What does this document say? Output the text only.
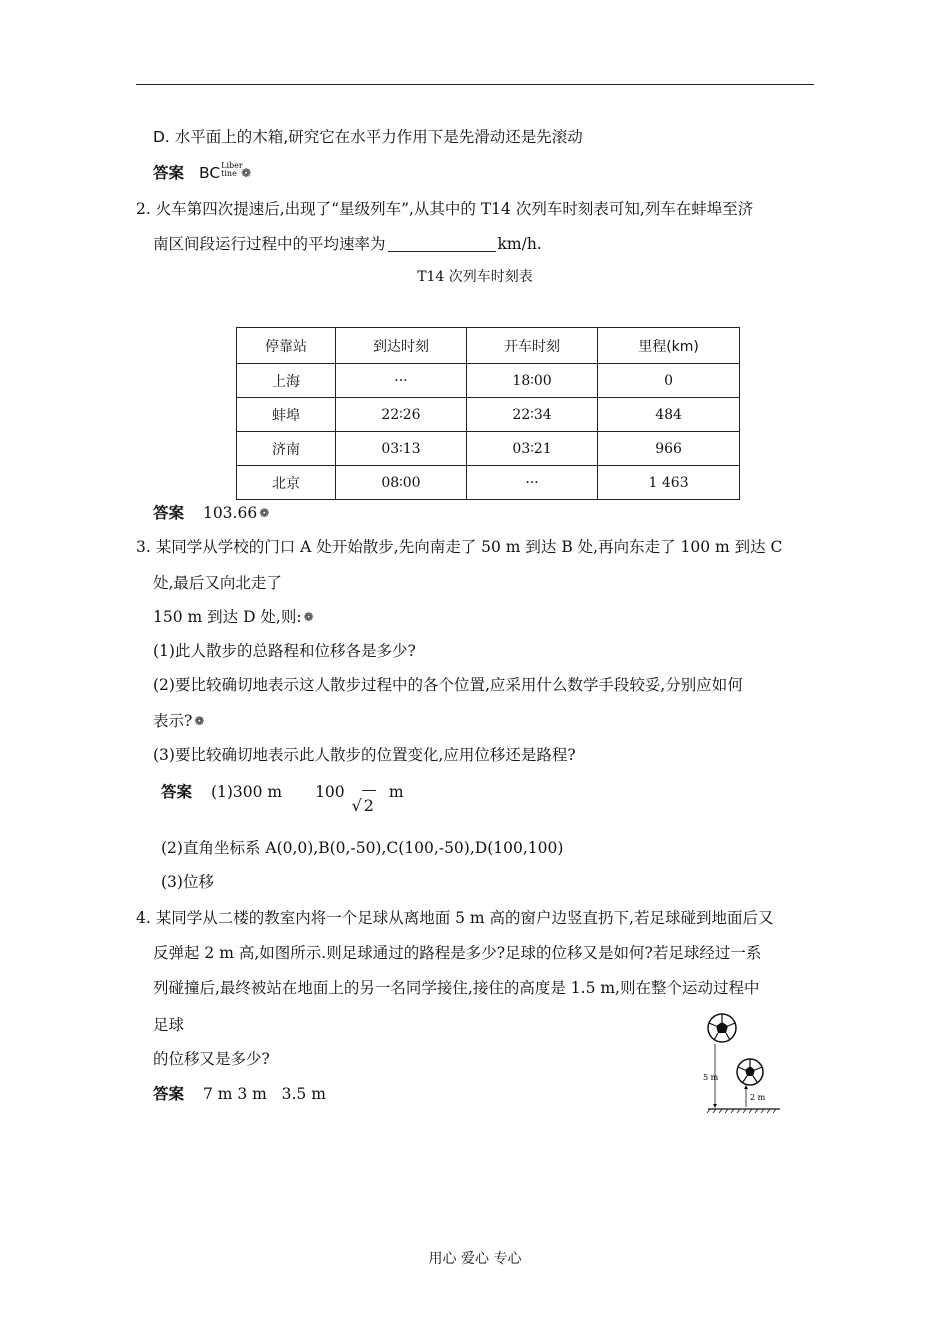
D. 水平面上的木箱,研究它在水平力作用下是先滑动还是先滚动
答案 BCLiber tine ❁
2. 火车第四次提速后,出现了“星级列车”,从其中的 T14 次列车时刻表可知,列车在蚌埠至济
南区间段运行过程中的平均速率为	km/h.
T14 次列车时刻表
停靠站	到达时刻	开车时刻	里程(km)
上海	···	18∶00	0
蚌埠	22∶26	22∶34	484
济南	03∶13	03∶21	966
北京	08∶00	···	1 463
答案 103.66 ❁
3. 某同学从学校的门口 A 处开始散步,先向南走了 50 m 到达 B 处,再向东走了 100 m 到达 C
处,最后又向北走了
150 m 到达 D 处,则: ❁
(1)此人散步的总路程和位移各是多少?
(2)要比较确切地表示这人散步过程中的各个位置,应采用什么数学手段较妥,分别应如何
表示? ❁
(3)要比较确切地表示此人散步的位置变化,应用位移还是路程?
答案 (1)300 m 100 √ 2 m
(2)直角坐标系 A(0,0),B(0,-50),C(100,-50),D(100,100)
(3)位移
4. 某同学从二楼的教室内将一个足球从离地面 5 m 高的窗户边竖直扔下,若足球碰到地面后又
反弹起 2 m 高,如图所示.则足球通过的路程是多少?足球的位移又是如何?若足球经过一系
列碰撞后,最终被站在地面上的另一名同学接住,接住的高度是 1.5 m,则在整个运动过程中
足球
的位移又是多少?
答案 7 m 3 m   3.5 m
5 m
2 m
用心 爱心 专心
